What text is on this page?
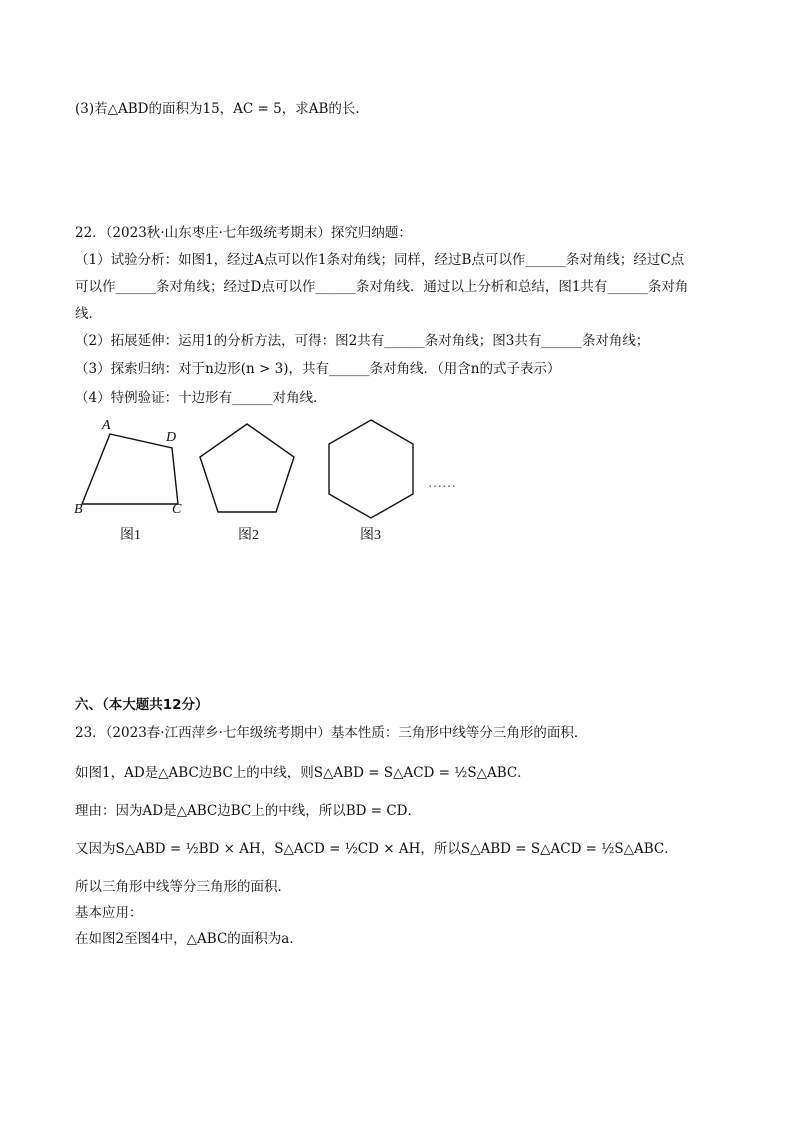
(3)若△ABD的面积为15，AC = 5，求AB的长.
22．（2023秋·山东枣庄·七年级统考期末）探究归纳题：
（1）试验分析：如图1，经过A点可以作1条对角线；同样，经过B点可以作______条对角线；经过C点
可以作______条对角线；经过D点可以作______条对角线．通过以上分析和总结，图1共有______条对角
线．
（2）拓展延伸：运用1的分析方法，可得：图2共有______条对角线；图3共有______条对角线；
（3）探索归纳：对于n边形(n > 3)，共有______条对角线．（用含n的式子表示）
（4）特例验证：十边形有______对角线．
A
D
B	C
图1	图2	图3
……
六、（本大题共12分）
23．（2023春·江西萍乡·七年级统考期中）基本性质：三角形中线等分三角形的面积．
如图1，AD是△ABC边BC上的中线，则S△ABD = S△ACD = ½S△ABC．
理由：因为AD是△ABC边BC上的中线，所以BD = CD．
又因为S△ABD = ½BD × AH，S△ACD = ½CD × AH，所以S△ABD = S△ACD = ½S△ABC．
所以三角形中线等分三角形的面积．
基本应用：
在如图2至图4中，△ABC的面积为a．
